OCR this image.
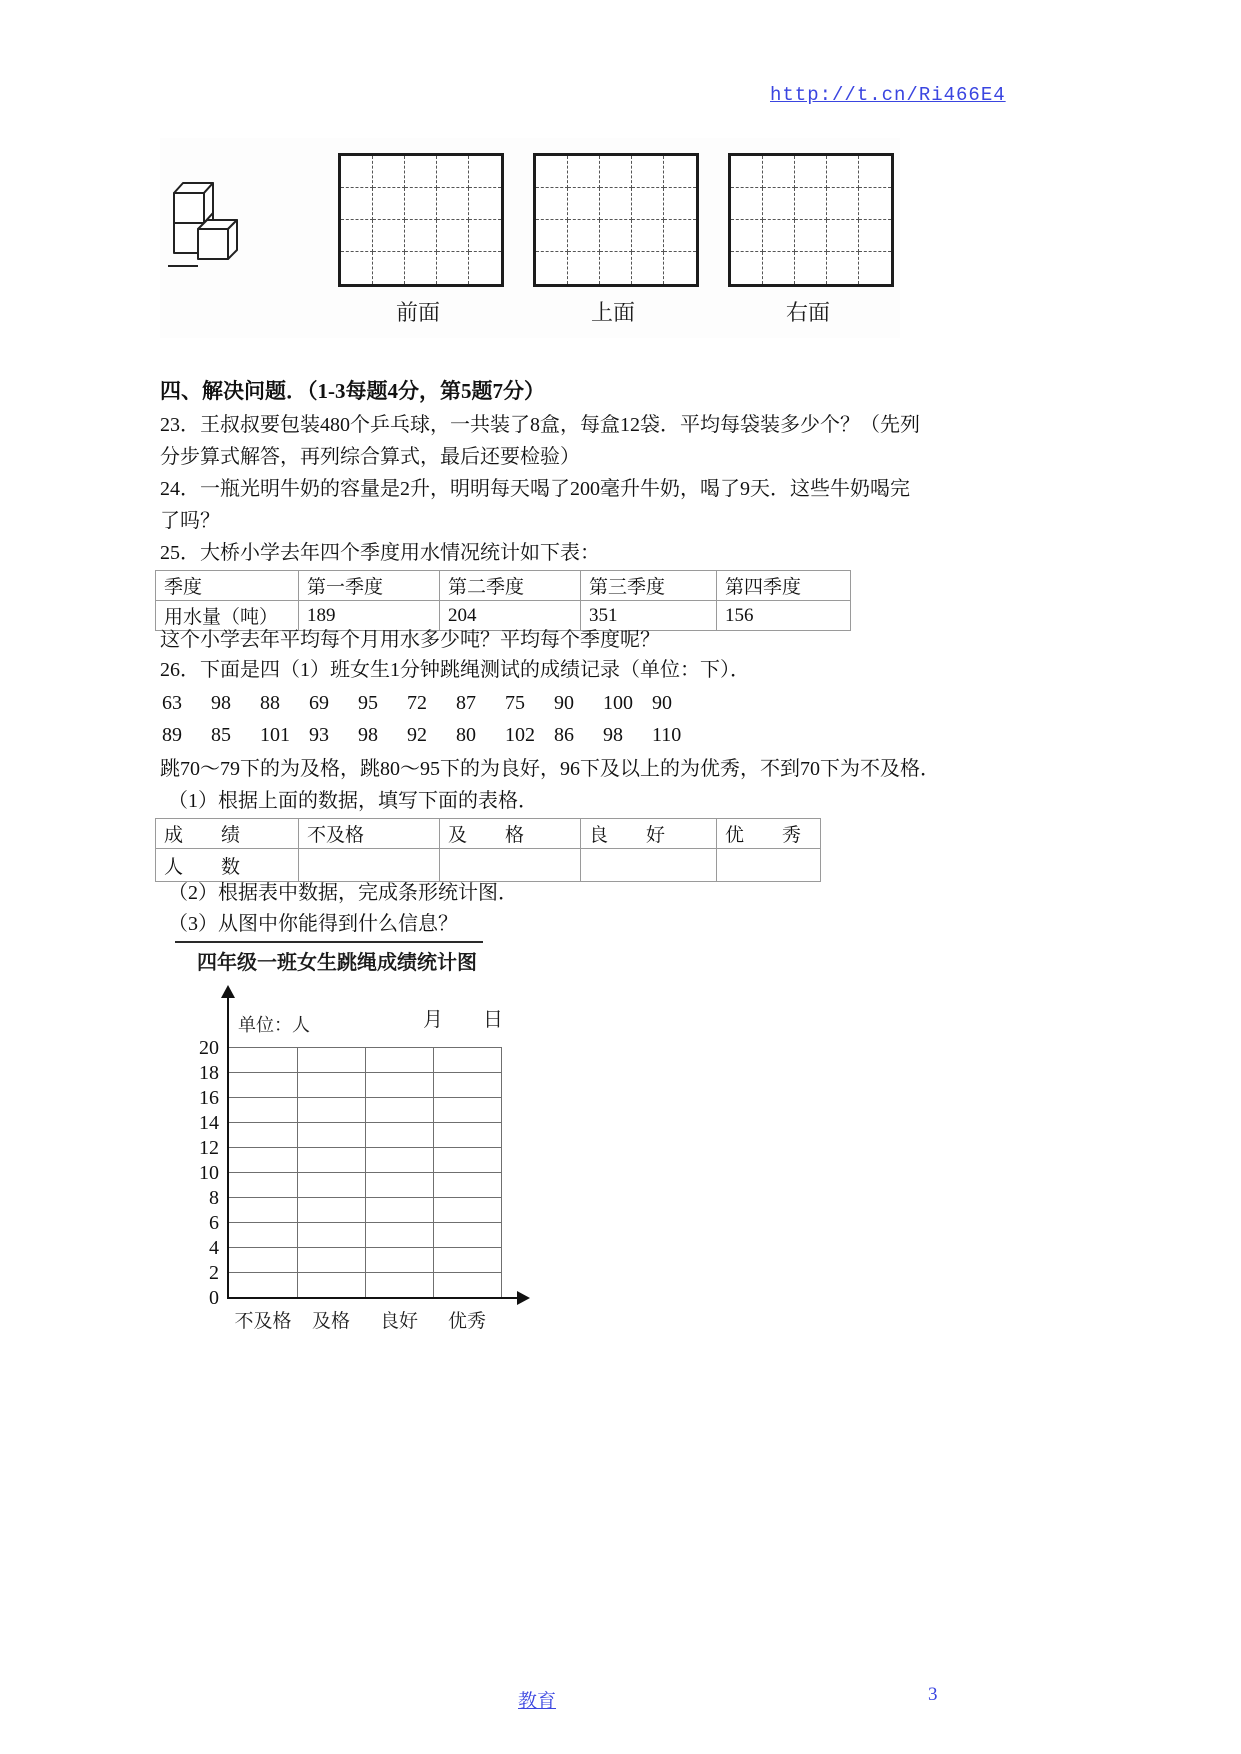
http://t.cn/Ri466E4
前面	上面	右面
四、解决问题．（1-3每题4分，第5题7分）
23．王叔叔要包装480个乒乓球，一共装了8盒，每盒12袋．平均每袋装多少个？（先列
分步算式解答，再列综合算式，最后还要检验）
24．一瓶光明牛奶的容量是2升，明明每天喝了200毫升牛奶，喝了9天．这些牛奶喝完
了吗？
25．大桥小学去年四个季度用水情况统计如下表：
季度	第一季度	第二季度	第三季度	第四季度
用水量（吨）	189	204	351	156
这个小学去年平均每个月用水多少吨？平均每个季度呢？
26．下面是四（1）班女生1分钟跳绳测试的成绩记录（单位：下）．
63	98	88	69	95	72	87	75	90	100 90
89	85	101 93	98	92	80	102 86	98	110
跳70～79下的为及格，跳80～95下的为良好，96下及以上的为优秀，不到70下为不及格．
（1）根据上面的数据，填写下面的表格．
成　　绩	不及格	及　　格	良　　好	优　　秀
人　　数				
（2）根据表中数据，完成条形统计图．
（3）从图中你能得到什么信息？
四年级一班女生跳绳成绩统计图
单位：人	月　　日
20
18
16
14
12
10
8
6
4
2
0
不及格	及格	良好	优秀
教育	3
